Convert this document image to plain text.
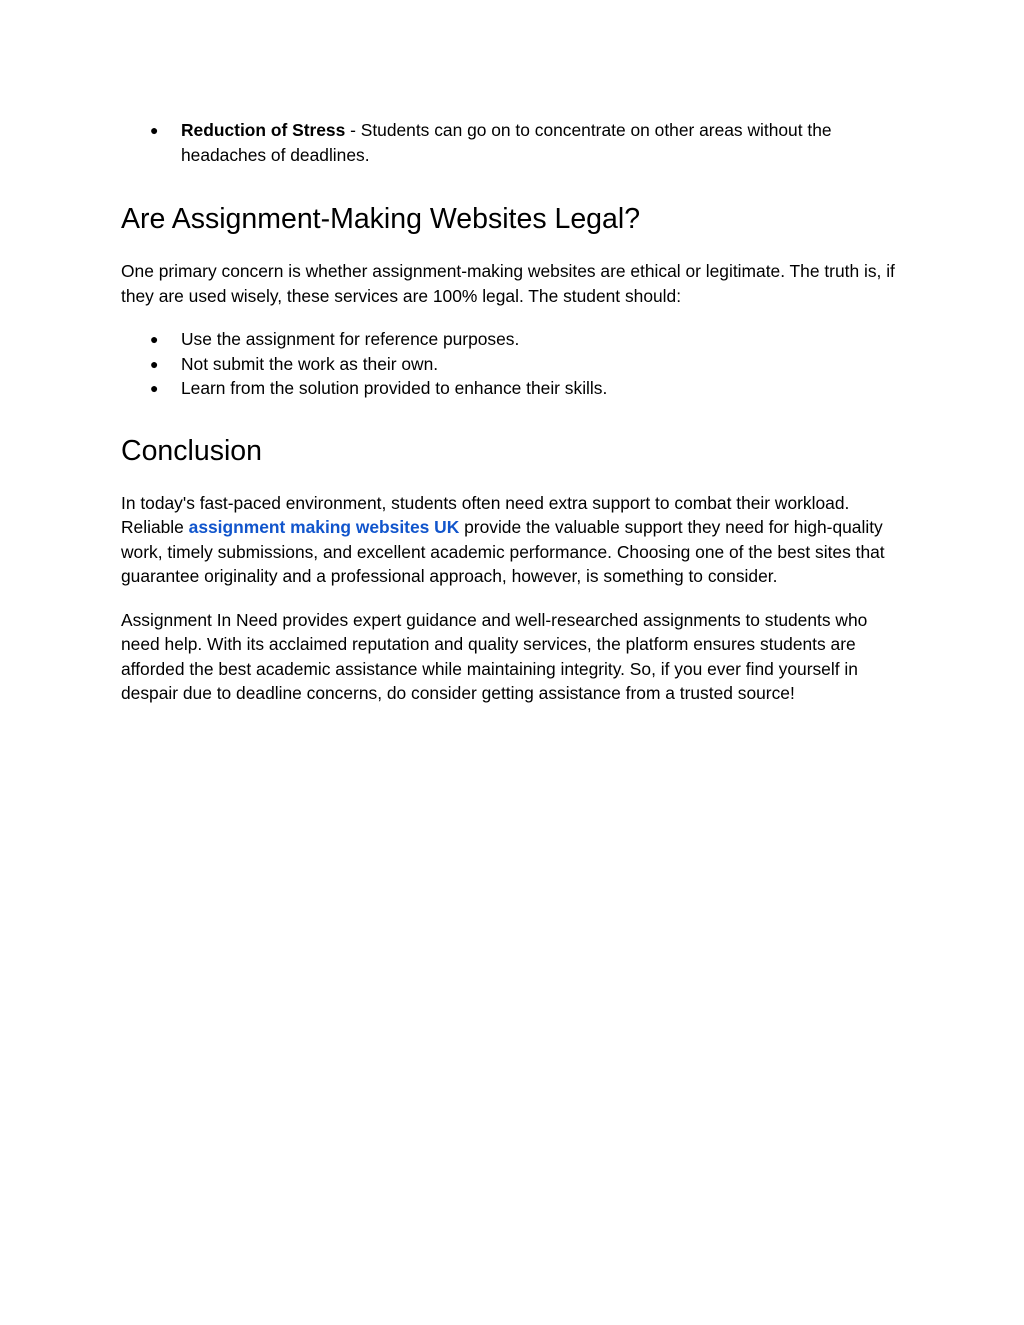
● Reduction of Stress - Students can go on to concentrate on other areas without the headaches of deadlines.
Are Assignment-Making Websites Legal?

One primary concern is whether assignment-making websites are ethical or legitimate. The truth is, if they are used wisely, these services are 100% legal. The student should:

● Use the assignment for reference purposes.
● Not submit the work as their own.
● Learn from the solution provided to enhance their skills.
Conclusion

In today's fast-paced environment, students often need extra support to combat their workload.
Reliable assignment making websites UK provide the valuable support they need for high-quality work, timely submissions, and excellent academic performance. Choosing one of the best sites that guarantee originality and a professional approach, however, is something to consider.

Assignment In Need provides expert guidance and well-researched assignments to students who need help. With its acclaimed reputation and quality services, the platform ensures students are afforded the best academic assistance while maintaining integrity. So, if you ever find yourself in despair due to deadline concerns, do consider getting assistance from a trusted source!
